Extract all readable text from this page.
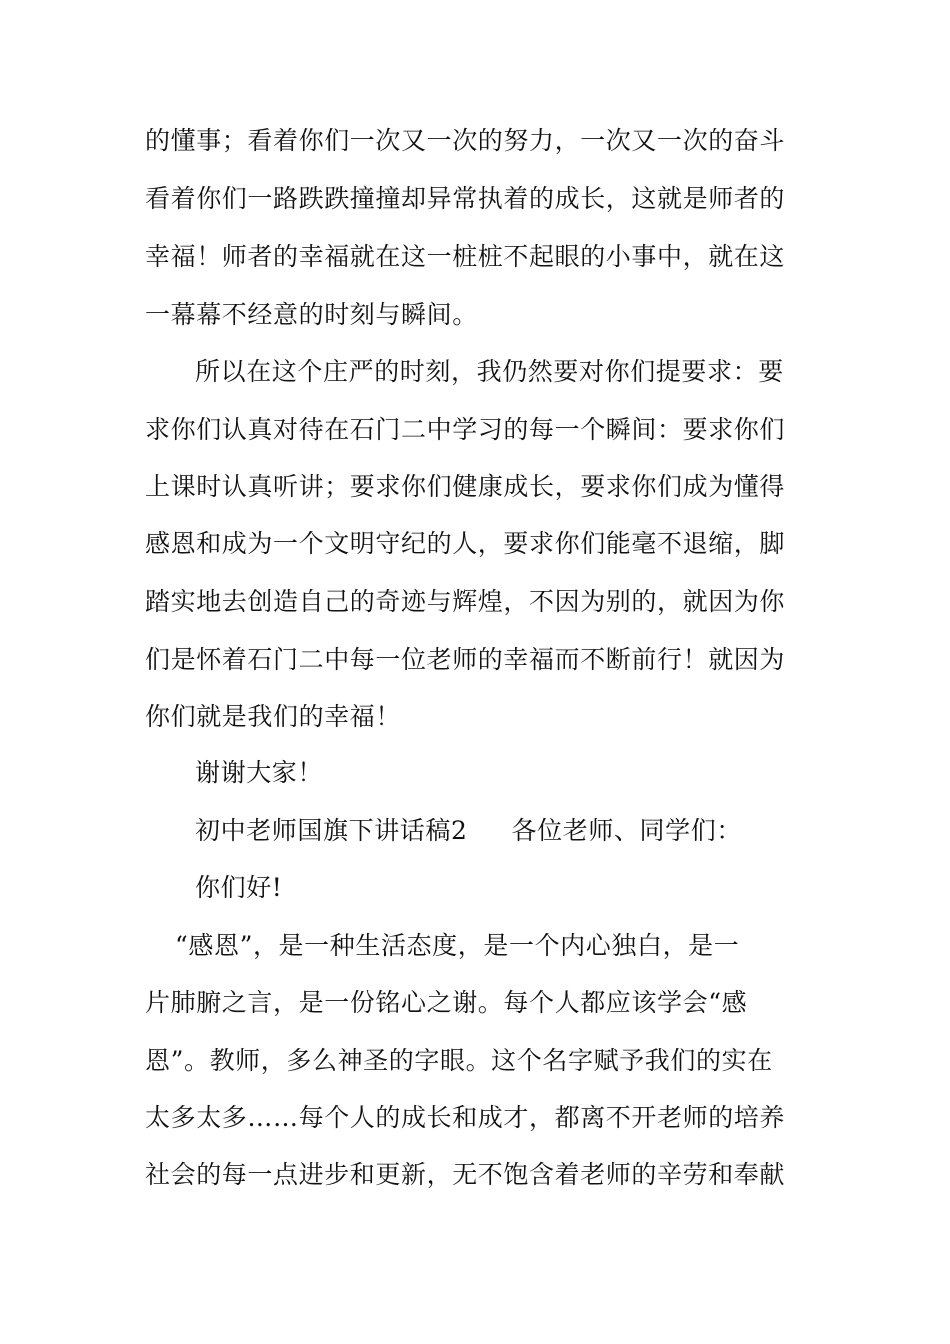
的懂事；看着你们一次又一次的努力，一次又一次的奋斗
看着你们一路跌跌撞撞却异常执着的成长，这就是师者的
幸福！师者的幸福就在这一桩桩不起眼的小事中，就在这
一幕幕不经意的时刻与瞬间。
所以在这个庄严的时刻，我仍然要对你们提要求：要
求你们认真对待在石门二中学习的每一个瞬间：要求你们
上课时认真听讲；要求你们健康成长，要求你们成为懂得
感恩和成为一个文明守纪的人，要求你们能毫不退缩，脚
踏实地去创造自己的奇迹与辉煌，不因为别的，就因为你
们是怀着石门二中每一位老师的幸福而不断前行！就因为
你们就是我们的幸福！
谢谢大家！
初中老师国旗下讲话稿2 各位老师、同学们：
你们好!
“感恩”，是一种生活态度，是一个内心独白，是一
片肺腑之言，是一份铭心之谢。每个人都应该学会“感
恩”。教师，多么神圣的字眼。这个名字赋予我们的实在
太多太多……每个人的成长和成才，都离不开老师的培养
社会的每一点进步和更新，无不饱含着老师的辛劳和奉献
